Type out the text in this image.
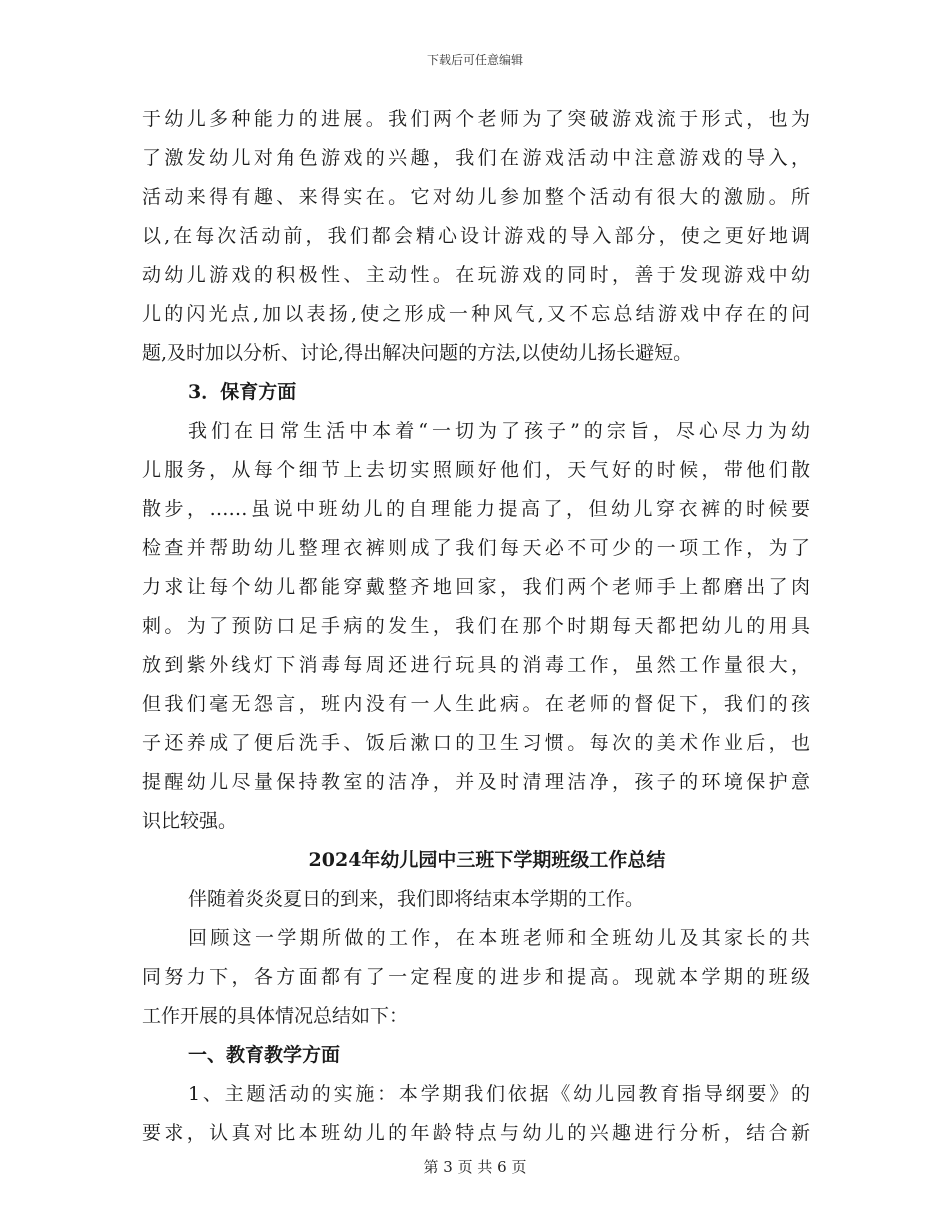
下载后可任意编辑
于幼儿多种能力的进展。我们两个老师为了突破游戏流于形式，也为
了激发幼儿对角色游戏的兴趣，我们在游戏活动中注意游戏的导入，
活动来得有趣、来得实在。它对幼儿参加整个活动有很大的激励。所
以,在每次活动前，我们都会精心设计游戏的导入部分，使之更好地调
动幼儿游戏的积极性、主动性。在玩游戏的同时，善于发现游戏中幼
儿的闪光点,加以表扬,使之形成一种风气,又不忘总结游戏中存在的问
题,及时加以分析、讨论,得出解决问题的方法,以使幼儿扬长避短。
3．保育方面
我们在日常生活中本着“一切为了孩子”的宗旨，尽心尽力为幼
儿服务，从每个细节上去切实照顾好他们，天气好的时候，带他们散
散步，……虽说中班幼儿的自理能力提高了，但幼儿穿衣裤的时候要
检查并帮助幼儿整理衣裤则成了我们每天必不可少的一项工作，为了
力求让每个幼儿都能穿戴整齐地回家，我们两个老师手上都磨出了肉
刺。为了预防口足手病的发生，我们在那个时期每天都把幼儿的用具
放到紫外线灯下消毒每周还进行玩具的消毒工作，虽然工作量很大，
但我们毫无怨言，班内没有一人生此病。在老师的督促下，我们的孩
子还养成了便后洗手、饭后漱口的卫生习惯。每次的美术作业后，也
提醒幼儿尽量保持教室的洁净，并及时清理洁净，孩子的环境保护意
识比较强。
2024年幼儿园中三班下学期班级工作总结
伴随着炎炎夏日的到来，我们即将结束本学期的工作。
回顾这一学期所做的工作，在本班老师和全班幼儿及其家长的共
同努力下，各方面都有了一定程度的进步和提高。现就本学期的班级
工作开展的具体情况总结如下：
一、教育教学方面
1、主题活动的实施：本学期我们依据《幼儿园教育指导纲要》的
要求，认真对比本班幼儿的年龄特点与幼儿的兴趣进行分析，结合新
第 3 页 共 6 页
